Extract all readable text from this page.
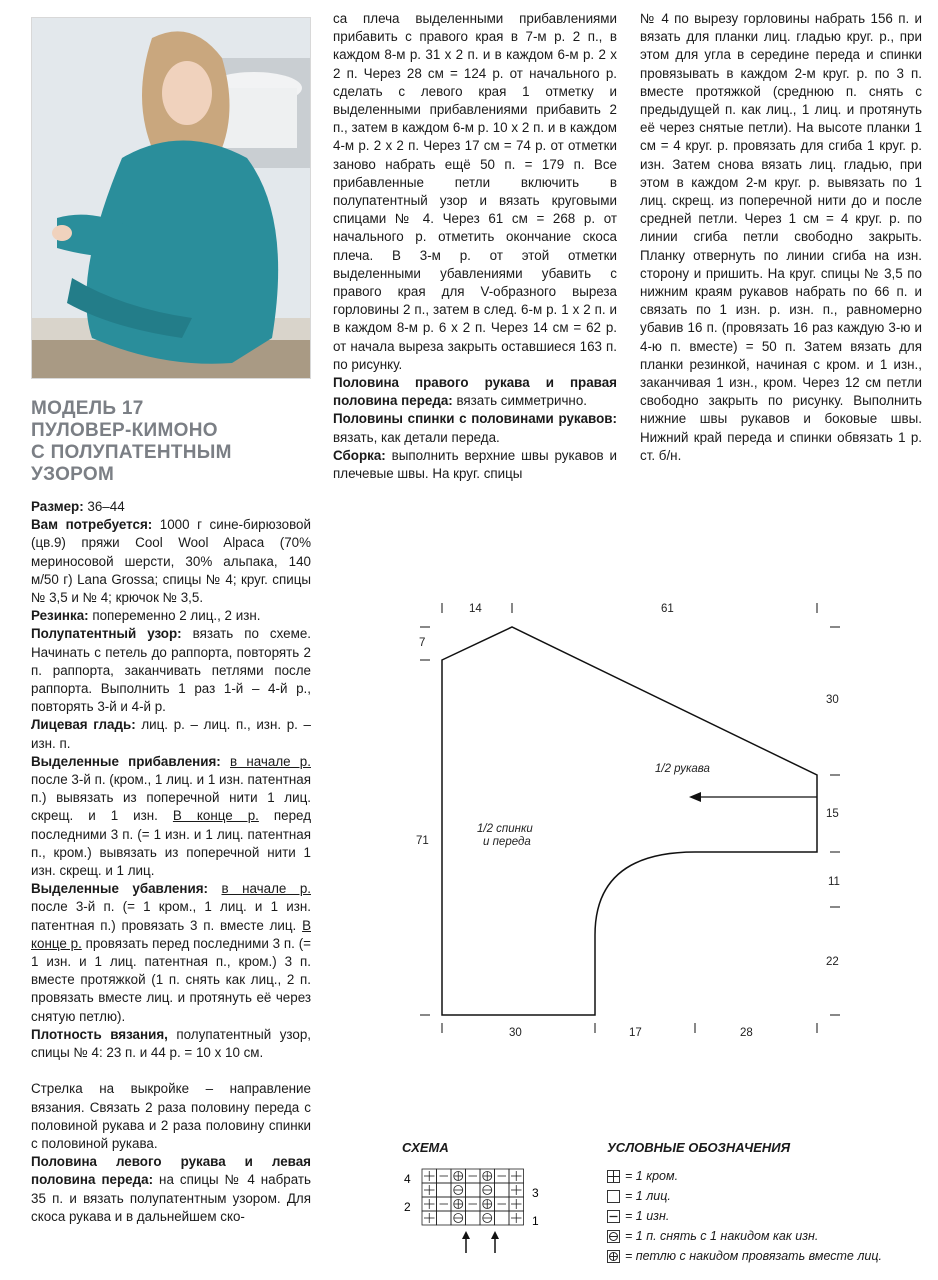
МОДЕЛЬ 17
ПУЛОВЕР-КИМОНО
С ПОЛУПАТЕНТНЫМ
УЗОРОМ

Размер: 36–44

Вам потребуется: 1000 г сине-бирюзовой (цв.9) пряжи Cool Wool Alpaca (70% мериносовой шерсти, 30% альпака, 140 м/50 г) Lana Grossa; спицы № 4; круг. спицы № 3,5 и № 4; крючок № 3,5.

Резинка: попеременно 2 лиц., 2 изн.

Полупатентный узор: вязать по схеме. Начинать с петель до раппорта, повторять 2 п. раппорта, заканчивать петлями после раппорта. Выполнить 1 раз 1-й – 4-й р., повторять 3-й и 4-й р.

Лицевая гладь: лиц. р. – лиц. п., изн. р. – изн. п.

Выделенные прибавления: в начале р. после 3-й п. (кром., 1 лиц. и 1 изн. патентная п.) вывязать из поперечной нити 1 лиц. скрещ. и 1 изн. В конце р. перед последними 3 п. (= 1 изн. и 1 лиц. патентная п., кром.) вывязать из поперечной нити 1 изн. скрещ. и 1 лиц.

Выделенные убавления: в начале р. после 3-й п. (= 1 кром., 1 лиц. и 1 изн. патентная п.) провязать 3 п. вместе лиц. В конце р. провязать перед последними 3 п. (= 1 изн. и 1 лиц. патентная п., кром.) 3 п. вместе протяжкой (1 п. снять как лиц., 2 п. провязать вместе лиц. и протянуть её через снятую петлю).

Плотность вязания, полупатентный узор, спицы № 4: 23 п. и 44 р. = 10 х 10 см.

Стрелка на выкройке – направление вязания. Связать 2 раза половину переда с половиной рукава и 2 раза половину спинки с половиной рукава.

Половина левого рукава и левая половина переда: на спицы № 4 набрать 35 п. и вязать полупатентным узором. Для скоса рукава и в дальнейшем ско-

са плеча выделенными прибавлениями прибавить с правого края в 7-м р. 2 п., в каждом 8-м р. 31 х 2 п. и в каждом 6-м р. 2 х 2 п. Через 28 см = 124 р. от начального р. сделать с левого края 1 отметку и выделенными прибавлениями прибавить 2 п., затем в каждом 6-м р. 10 х 2 п. и в каждом 4-м р. 2 х 2 п. Через 17 см = 74 р. от отметки заново набрать ещё 50 п. = 179 п. Все прибавленные петли включить в полупатентный узор и вязать круговыми спицами № 4. Через 61 см = 268 р. от начального р. отметить окончание скоса плеча. В 3-м р. от этой отметки выделенными убавлениями убавить с правого края для V-образного выреза горловины 2 п., затем в след. 6-м р. 1 х 2 п. и в каждом 8-м р. 6 х 2 п. Через 14 см = 62 р. от начала выреза закрыть оставшиеся 163 п. по рисунку.

Половина правого рукава и правая половина переда: вязать симметрично.

Половины спинки с половинами рукавов: вязать, как детали переда.

Сборка: выполнить верхние швы рукавов и плечевые швы. На круг. спицы

№ 4 по вырезу горловины набрать 156 п. и вязать для планки лиц. гладью круг. р., при этом для угла в середине переда и спинки провязывать в каждом 2-м круг. р. по 3 п. вместе протяжкой (среднюю п. снять с предыдущей п. как лиц., 1 лиц. и протянуть её через снятые петли). На высоте планки 1 см = 4 круг. р. провязать для сгиба 1 круг. р. изн. Затем снова вязать лиц. гладью, при этом в каждом 2-м круг. р. вывязать по 1 лиц. скрещ. из поперечной нити до и после средней петли. Через 1 см = 4 круг. р. по линии сгиба петли свободно закрыть. Планку отвернуть по линии сгиба на изн. сторону и пришить. На круг. спицы № 3,5 по нижним краям рукавов набрать по 66 п. и связать по 1 изн. р. изн. п., равномерно убавив 16 п. (провязать 16 раз каждую 3-ю и 4-ю п. вместе) = 50 п. Затем вязать для планки резинкой, начиная с кром. и 1 изн., заканчивая 1 изн., кром. Через 12 см петли свободно закрыть по рисунку. Выполнить нижние швы рукавов и боковые швы. Нижний край переда и спинки обвязать 1 р. ст. б/н.

14	61
7
71
30
15
11
22
30	17	28
1/2 рукава
1/2 спинки
и переда
СХЕМА
4
2
3
1
УСЛОВНЫЕ ОБОЗНАЧЕНИЯ
= 1 кром.
= 1 лиц.
= 1 изн.
= 1 п. снять с 1 накидом как изн.
= петлю с накидом провязать вместе лиц.
